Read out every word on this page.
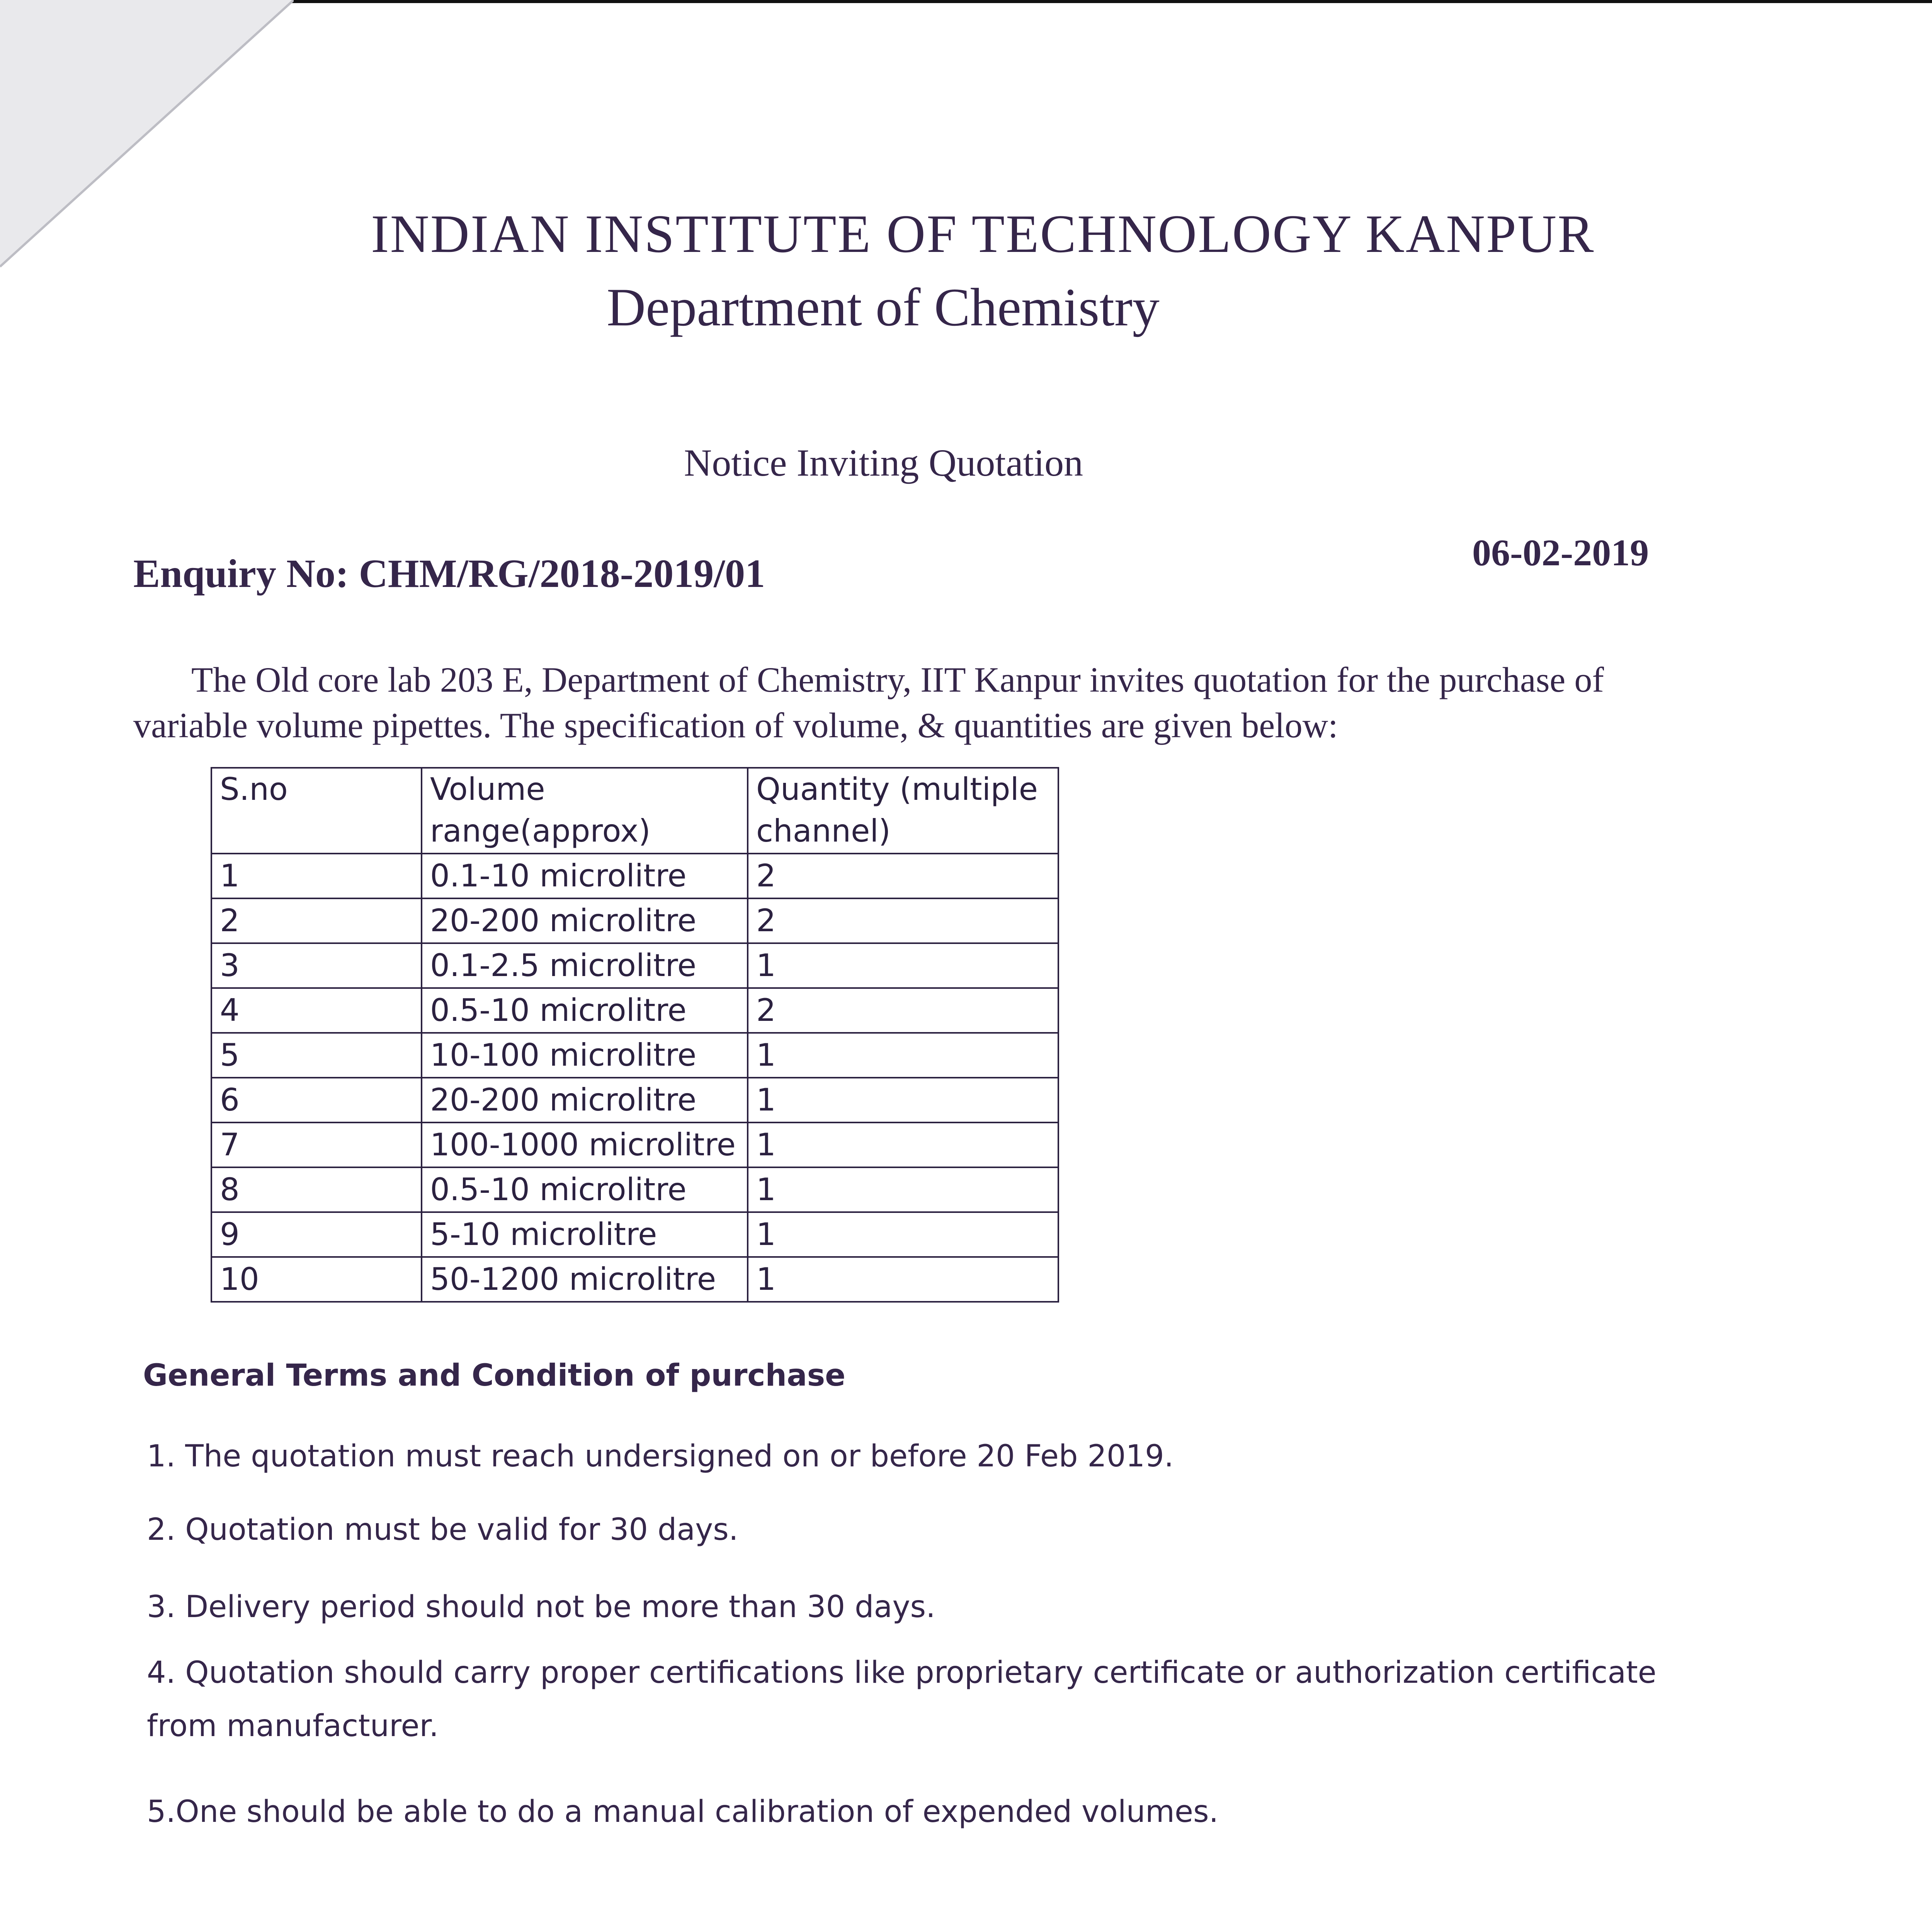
INDIAN INSTITUTE OF TECHNOLOGY KANPUR
Department of Chemistry
Notice Inviting Quotation
Enquiry No: CHM/RG/2018-2019/01	06-02-2019
The Old core lab 203 E, Department of Chemistry, IIT Kanpur invites quotation for the purchase of variable volume pipettes. The specification of volume, & quantities are given below:
S.no	Volume range(approx)	Quantity (multiple channel)
1	0.1-10 microlitre	2
2	20-200 microlitre	2
3	0.1-2.5 microlitre	1
4	0.5-10 microlitre	2
5	10-100 microlitre	1
6	20-200 microlitre	1
7	100-1000 microlitre	1
8	0.5-10 microlitre	1
9	5-10 microlitre	1
10	50-1200 microlitre	1
General Terms and Condition of purchase
1. The quotation must reach undersigned on or before 20 Feb 2019.
2. Quotation must be valid for 30 days.
3. Delivery period should not be more than 30 days.
4. Quotation should carry proper certifications like proprietary certificate or authorization certificate from manufacturer.
5.One should be able to do a manual calibration of expended volumes.
